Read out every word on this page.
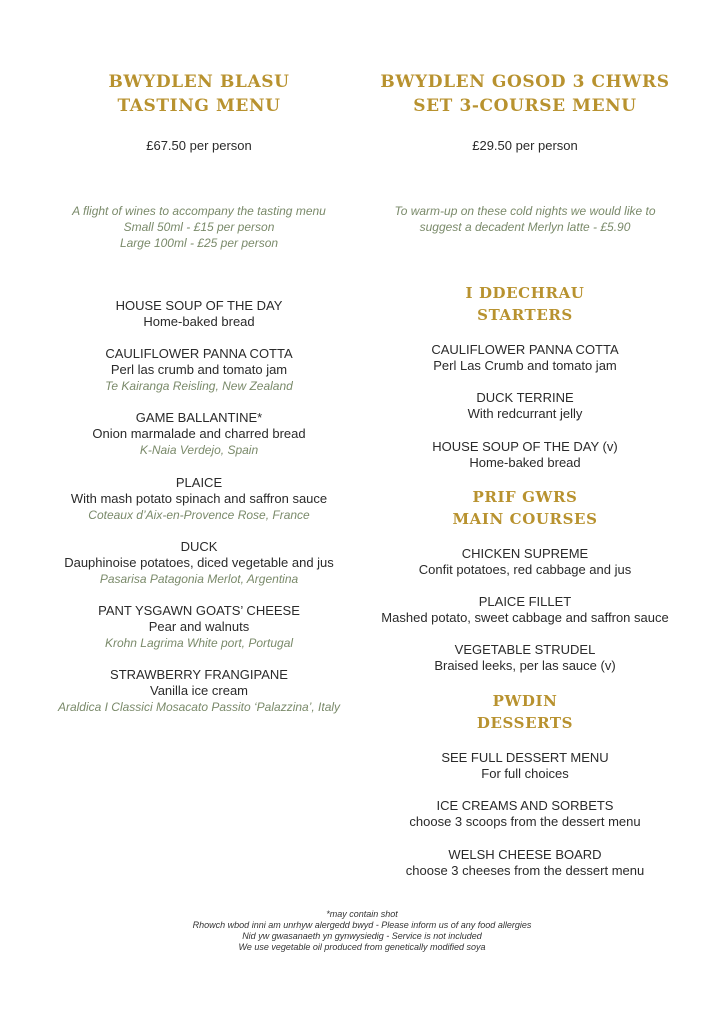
BWYDLEN BLASU
TASTING MENU
£67.50 per person
A flight of wines to accompany the tasting menu
Small 50ml - £15 per person
Large 100ml - £25 per person
HOUSE SOUP OF THE DAY
Home-baked bread
CAULIFLOWER PANNA COTTA
Perl las crumb and tomato jam
Te Kairanga Reisling, New Zealand
GAME BALLANTINE*
Onion marmalade and charred bread
K-Naia Verdejo, Spain
PLAICE
With mash potato spinach and saffron sauce
Coteaux d’Aix-en-Provence Rose, France
DUCK
Dauphinoise potatoes, diced vegetable and jus
Pasarisa Patagonia Merlot, Argentina
PANT YSGAWN GOATS’ CHEESE
Pear and walnuts
Krohn Lagrima White port, Portugal
STRAWBERRY FRANGIPANE
Vanilla ice cream
Araldica I Classici Mosacato Passito ‘Palazzina’, Italy
BWYDLEN GOSOD 3 CHWRS
SET 3-COURSE MENU
£29.50 per person
To warm-up on these cold nights we would like to
suggest a decadent Merlyn latte - £5.90
I DDECHRAU
STARTERS
CAULIFLOWER PANNA COTTA
Perl Las Crumb and tomato jam
DUCK TERRINE
With redcurrant jelly
HOUSE SOUP OF THE DAY (v)
Home-baked bread
PRIF GWRS
MAIN COURSES
CHICKEN SUPREME
Confit potatoes, red cabbage and jus
PLAICE FILLET
Mashed potato, sweet cabbage and saffron sauce
VEGETABLE STRUDEL
Braised leeks, per las sauce (v)
PWDIN
DESSERTS
SEE FULL DESSERT MENU
For full choices
ICE CREAMS AND SORBETS
choose 3 scoops from the dessert menu
WELSH CHEESE BOARD
choose 3 cheeses from the dessert menu
*may contain shot
Rhowch wbod inni am unrhyw alergedd bwyd - Please inform us of any food allergies
Nid yw gwasanaeth yn gynwysiedig - Service is not included
We use vegetable oil produced from genetically modified soya
